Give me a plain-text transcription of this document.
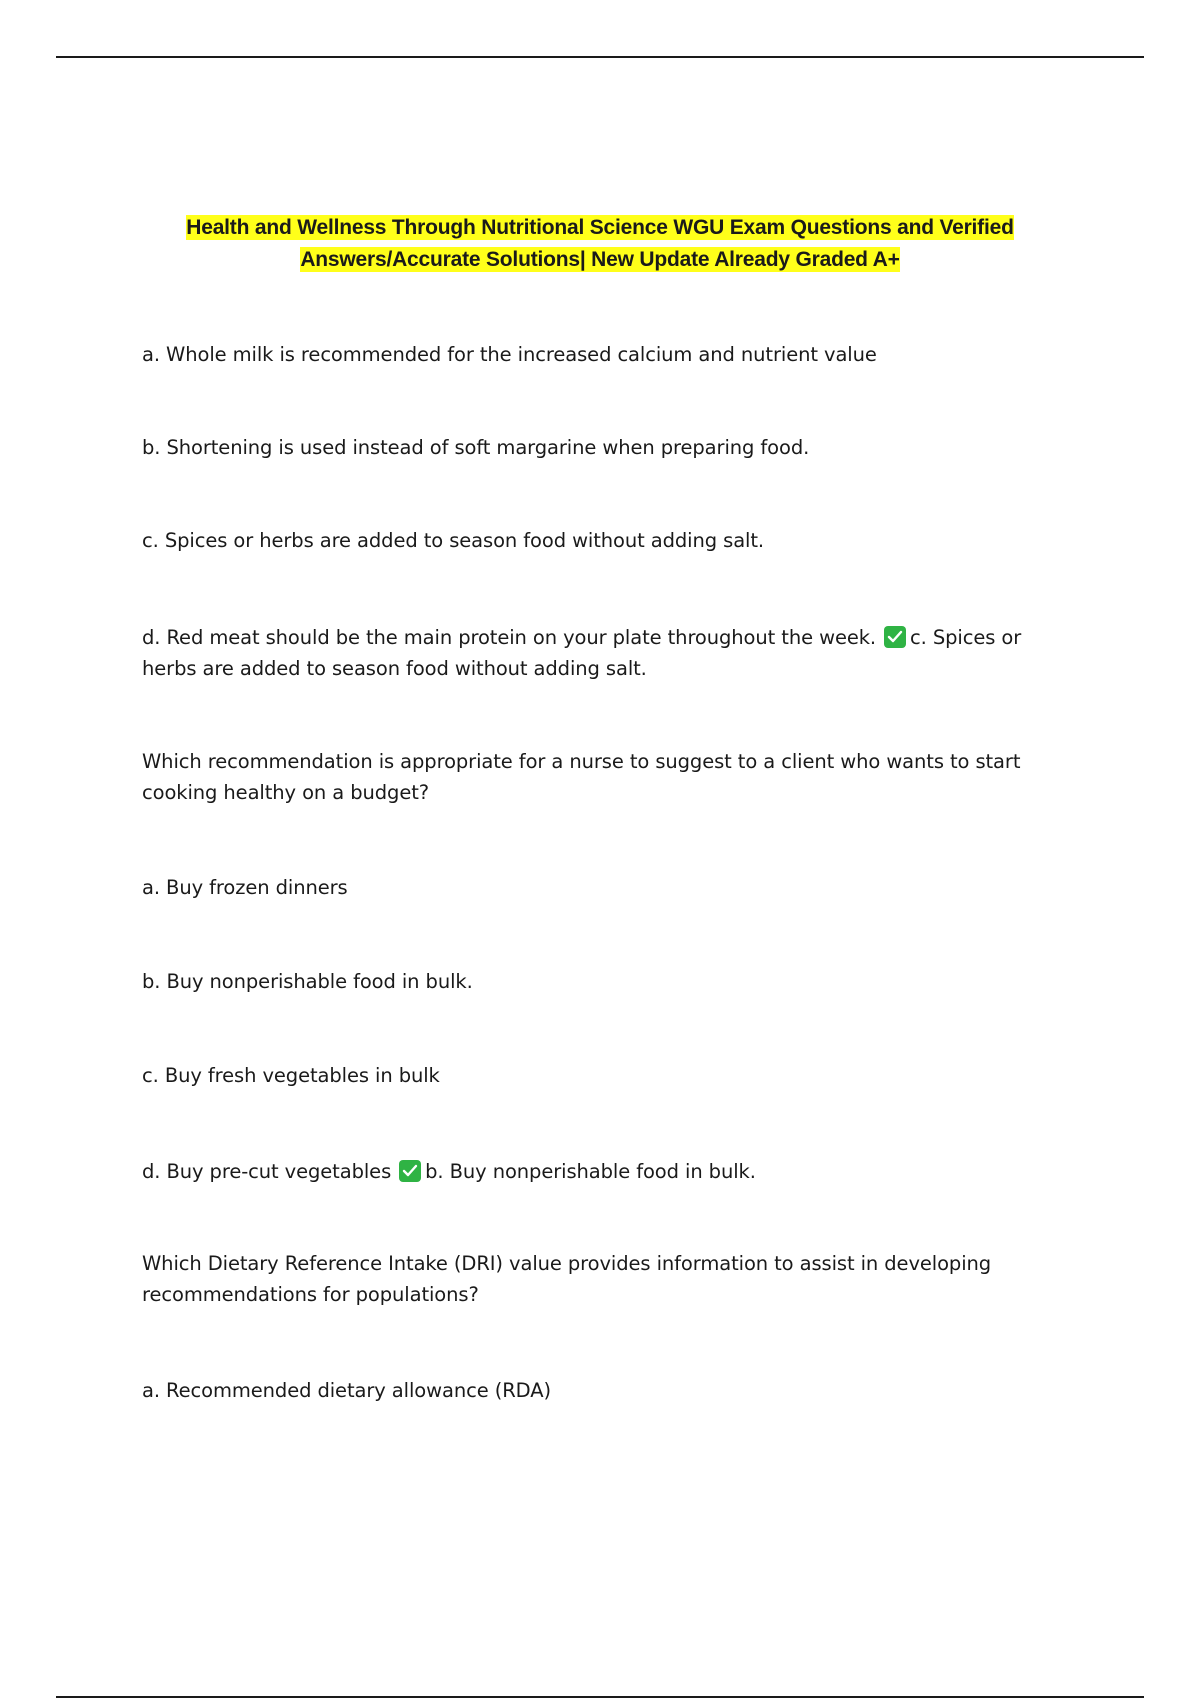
Health and Wellness Through Nutritional Science WGU Exam Questions and Verified
Answers/Accurate Solutions| New Update Already Graded A+
a. Whole milk is recommended for the increased calcium and nutrient value
b. Shortening is used instead of soft margarine when preparing food.
c. Spices or herbs are added to season food without adding salt.
d. Red meat should be the main protein on your plate throughout the week. c. Spices or herbs are added to season food without adding salt.
Which recommendation is appropriate for a nurse to suggest to a client who wants to start cooking healthy on a budget?
a. Buy frozen dinners
b. Buy nonperishable food in bulk.
c. Buy fresh vegetables in bulk
d. Buy pre-cut vegetables b. Buy nonperishable food in bulk.
Which Dietary Reference Intake (DRI) value provides information to assist in developing recommendations for populations?
a. Recommended dietary allowance (RDA)
